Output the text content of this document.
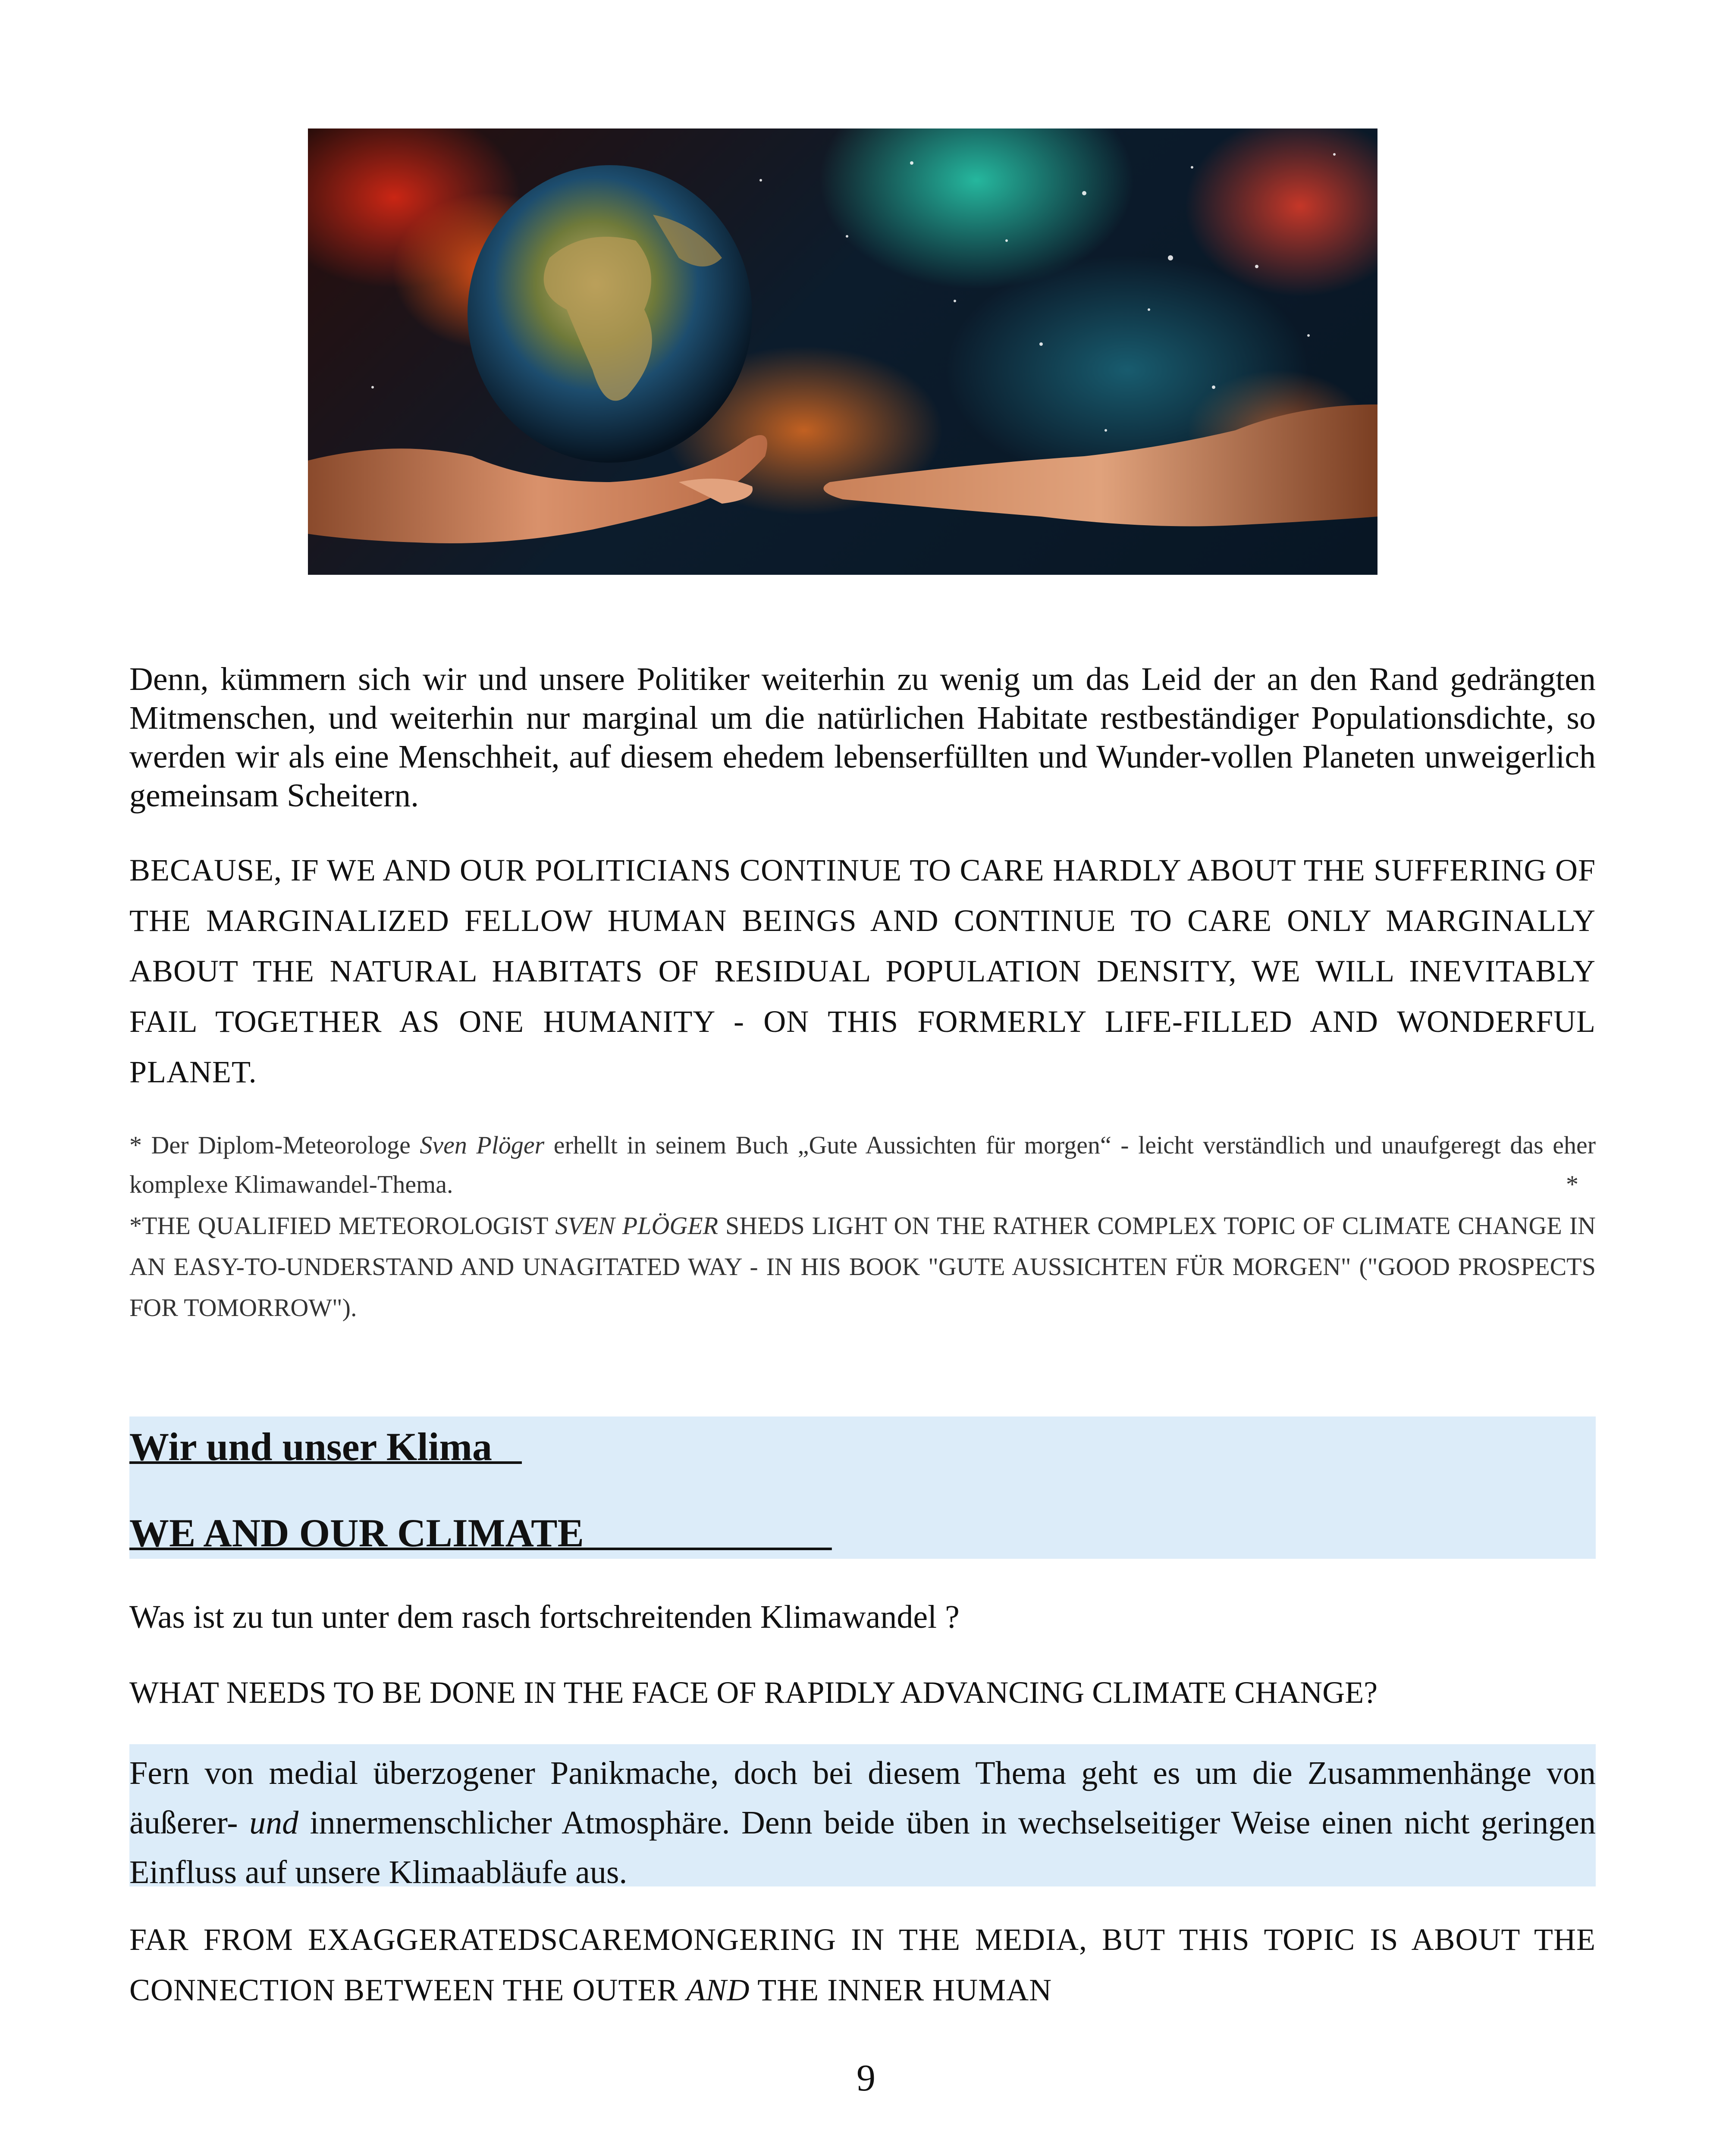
Denn, kümmern sich wir und unsere Politiker weiterhin zu wenig um das Leid der an den Rand gedrängten Mitmenschen, und weiterhin nur marginal um die natürlichen Habitate restbeständiger Populationsdichte, so werden wir als eine Menschheit, auf diesem ehedem lebenserfüllten und Wunder-vollen Planeten unweigerlich gemeinsam Scheitern.
BECAUSE, IF WE AND OUR POLITICIANS CONTINUE TO CARE HARDLY ABOUT THE SUFFERING OF THE MARGINALIZED FELLOW HUMAN BEINGS AND CONTINUE TO CARE ONLY MARGINALLY ABOUT THE NATURAL HABITATS OF RESIDUAL POPULATION DENSITY, WE WILL INEVITABLY FAIL TOGETHER AS ONE HUMANITY - ON THIS FORMERLY LIFE-FILLED AND WONDERFUL PLANET.
* Der Diplom-Meteorologe Sven Plöger erhellt in seinem Buch „Gute Aussichten für morgen“ - leicht verständlich und unaufgeregt das eher komplexe Klimawandel-Thema.	*
*THE QUALIFIED METEOROLOGIST SVEN PLÖGER SHEDS LIGHT ON THE RATHER COMPLEX TOPIC OF CLIMATE CHANGE IN AN EASY-TO-UNDERSTAND AND UNAGITATED WAY - IN HIS BOOK "GUTE AUSSICHTEN FÜR MORGEN" ("GOOD PROSPECTS FOR TOMORROW").
Wir und unser Klima
WE AND OUR CLIMATE
Was ist zu tun unter dem rasch fortschreitenden Klimawandel ?
WHAT NEEDS TO BE DONE IN THE FACE OF RAPIDLY ADVANCING CLIMATE CHANGE?
Fern von medial überzogener Panikmache, doch bei diesem Thema geht es um die Zusammenhänge von äußerer- und innermenschlicher Atmosphäre. Denn beide üben in wechselseitiger Weise einen nicht geringen Einfluss auf unsere Klimaabläufe aus.
FAR FROM EXAGGERATEDSCAREMONGERING IN THE MEDIA, BUT THIS TOPIC IS ABOUT THE CONNECTION BETWEEN THE OUTER AND THE INNER HUMAN
9
